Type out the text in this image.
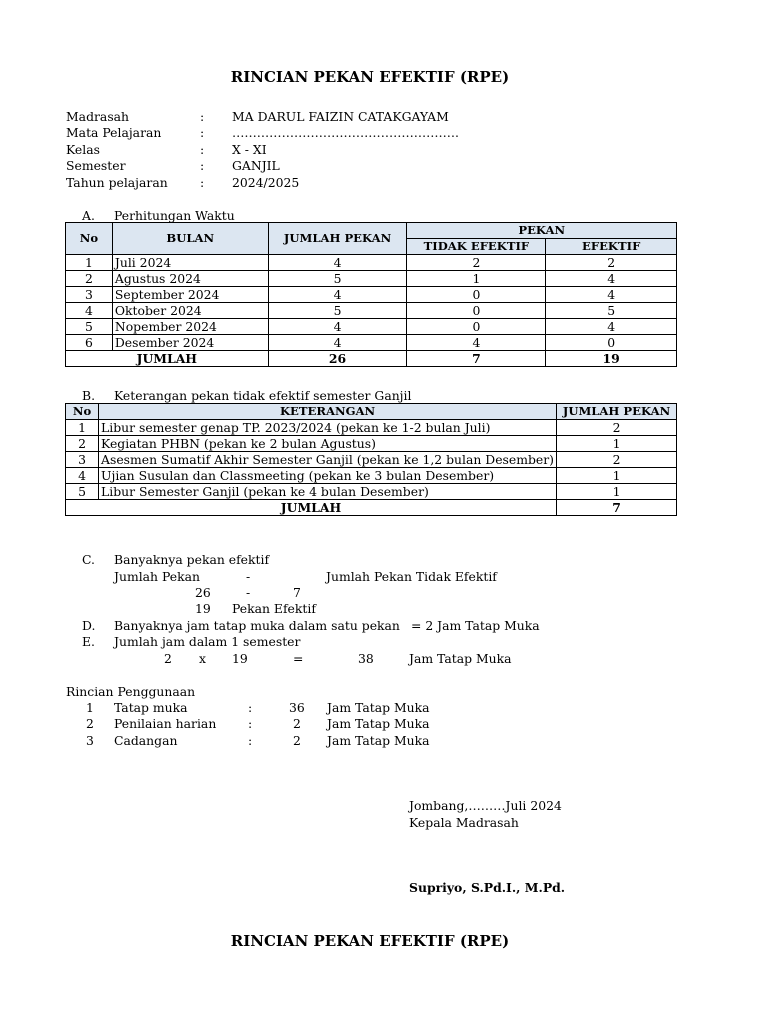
RINCIAN PEKAN EFEKTIF (RPE)
Madrasah	: MA DARUL FAIZIN CATAKGAYAM
Mata Pelajaran	: ……………………………………………….
Kelas	: X - XI
Semester	: GANJIL
Tahun pelajaran	: 2024/2025
A. Perhitungan Waktu
No	BULAN	JUMLAH PEKAN	PEKAN	
			TIDAK EFEKTIF	EFEKTIF
1	Juli 2024	4	2	2
2	Agustus 2024	5	1	4
3	September 2024	4	0	4
4	Oktober 2024	5	0	5
5	Nopember 2024	4	0	4
6	Desember 2024	4	4	0
JUMLAH		26	7	19
B. Keterangan pekan tidak efektif semester Ganjil
No	KETERANGAN	JUMLAH PEKAN
1	Libur semester genap TP. 2023/2024 (pekan ke 1-2 bulan Juli)	2
2	Kegiatan PHBN (pekan ke 2 bulan Agustus)	1
3	Asesmen Sumatif Akhir Semester Ganjil (pekan ke 1,2 bulan Desember)	2
4	Ujian Susulan dan Classmeeting (pekan ke 3 bulan Desember)	1
5	Libur Semester Ganjil (pekan ke 4 bulan Desember)	1
JUMLAH		7
C. Banyaknya pekan efektif
Jumlah Pekan	-	Jumlah Pekan Tidak Efektif
26	-	7
19 Pekan Efektif
D. Banyaknya jam tatap muka dalam satu pekan = 2 Jam Tatap Muka
E. Jumlah jam dalam 1 semester
2 x 19	=	38	Jam Tatap Muka
Rincian Penggunaan
1 Tatap muka	:	36 Jam Tatap Muka
2 Penilaian harian	:	2 Jam Tatap Muka
3 Cadangan	:	2 Jam Tatap Muka
Jombang,………Juli 2024
Kepala Madrasah
Supriyo, S.Pd.I., M.Pd.
RINCIAN PEKAN EFEKTIF (RPE)
